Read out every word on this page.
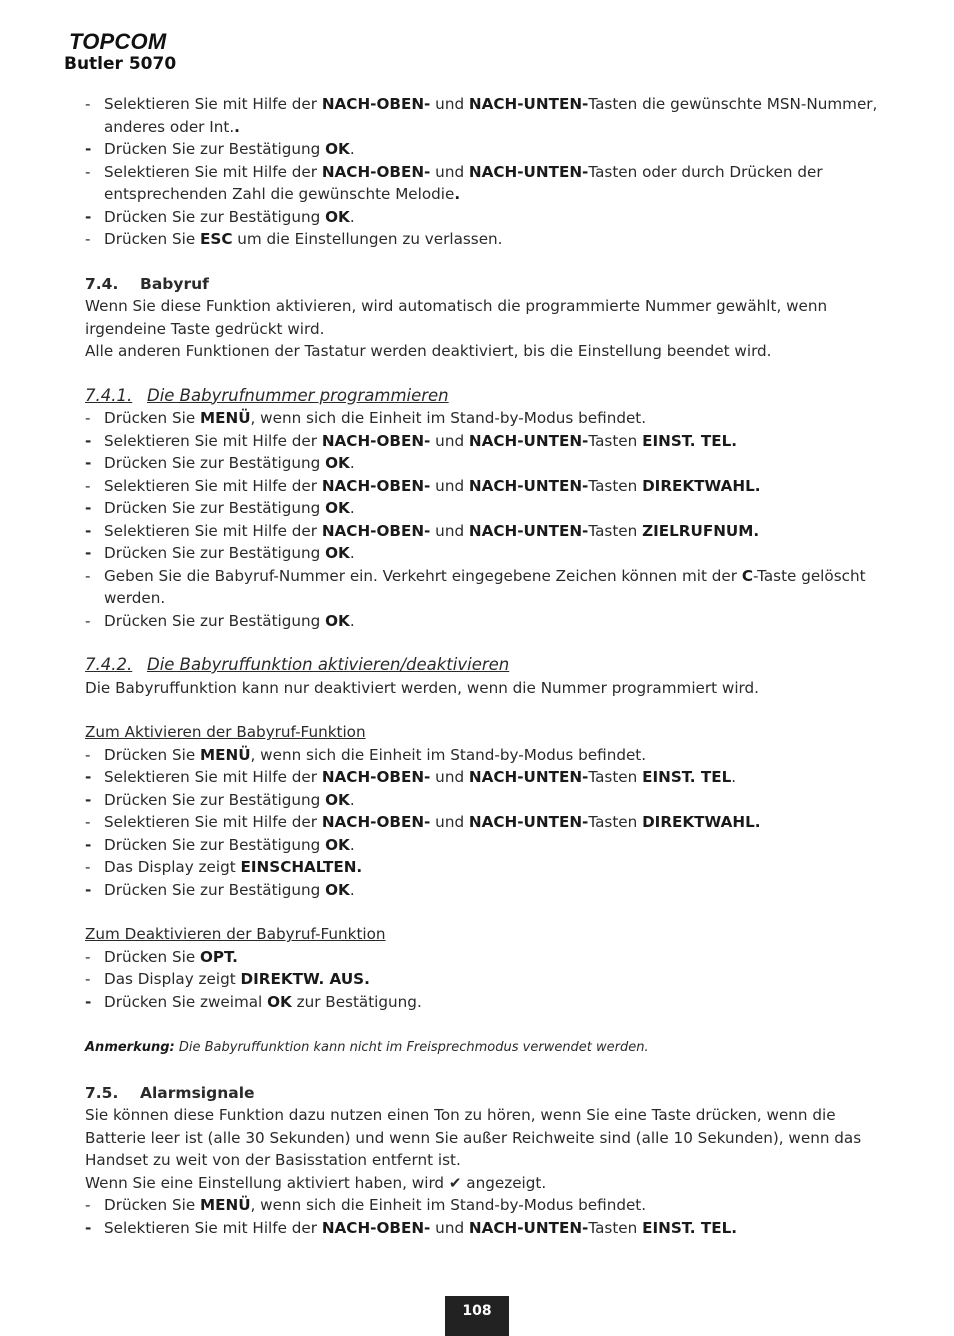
TOPCOM
Butler 5070
- Selektieren Sie mit Hilfe der NACH-OBEN- und NACH-UNTEN-Tasten die gewünschte MSN-Nummer, anderes oder Int..
- Drücken Sie zur Bestätigung OK.
- Selektieren Sie mit Hilfe der NACH-OBEN- und NACH-UNTEN-Tasten oder durch Drücken der entsprechenden Zahl die gewünschte Melodie.
- Drücken Sie zur Bestätigung OK.
- Drücken Sie ESC um die Einstellungen zu verlassen.
7.4. Babyruf
Wenn Sie diese Funktion aktivieren, wird automatisch die programmierte Nummer gewählt, wenn irgendeine Taste gedrückt wird.
Alle anderen Funktionen der Tastatur werden deaktiviert, bis die Einstellung beendet wird.
7.4.1. Die Babyrufnummer programmieren
- Drücken Sie MENÜ, wenn sich die Einheit im Stand-by-Modus befindet.
- Selektieren Sie mit Hilfe der NACH-OBEN- und NACH-UNTEN-Tasten EINST. TEL.
- Drücken Sie zur Bestätigung OK.
- Selektieren Sie mit Hilfe der NACH-OBEN- und NACH-UNTEN-Tasten DIREKTWAHL.
- Drücken Sie zur Bestätigung OK.
- Selektieren Sie mit Hilfe der NACH-OBEN- und NACH-UNTEN-Tasten ZIELRUFNUM.
- Drücken Sie zur Bestätigung OK.
- Geben Sie die Babyruf-Nummer ein. Verkehrt eingegebene Zeichen können mit der C-Taste gelöscht werden.
- Drücken Sie zur Bestätigung OK.
7.4.2. Die Babyruffunktion aktivieren/deaktivieren
Die Babyruffunktion kann nur deaktiviert werden, wenn die Nummer programmiert wird.
Zum Aktivieren der Babyruf-Funktion
- Drücken Sie MENÜ, wenn sich die Einheit im Stand-by-Modus befindet.
- Selektieren Sie mit Hilfe der NACH-OBEN- und NACH-UNTEN-Tasten EINST. TEL.
- Drücken Sie zur Bestätigung OK.
- Selektieren Sie mit Hilfe der NACH-OBEN- und NACH-UNTEN-Tasten DIREKTWAHL.
- Drücken Sie zur Bestätigung OK.
- Das Display zeigt EINSCHALTEN.
- Drücken Sie zur Bestätigung OK.
Zum Deaktivieren der Babyruf-Funktion
- Drücken Sie OPT.
- Das Display zeigt DIREKTW. AUS.
- Drücken Sie zweimal OK zur Bestätigung.
Anmerkung: Die Babyruffunktion kann nicht im Freisprechmodus verwendet werden.
7.5. Alarmsignale
Sie können diese Funktion dazu nutzen einen Ton zu hören, wenn Sie eine Taste drücken, wenn die Batterie leer ist (alle 30 Sekunden) und wenn Sie außer Reichweite sind (alle 10 Sekunden), wenn das Handset zu weit von der Basisstation entfernt ist.
Wenn Sie eine Einstellung aktiviert haben, wird ✔ angezeigt.
- Drücken Sie MENÜ, wenn sich die Einheit im Stand-by-Modus befindet.
- Selektieren Sie mit Hilfe der NACH-OBEN- und NACH-UNTEN-Tasten EINST. TEL.
108
